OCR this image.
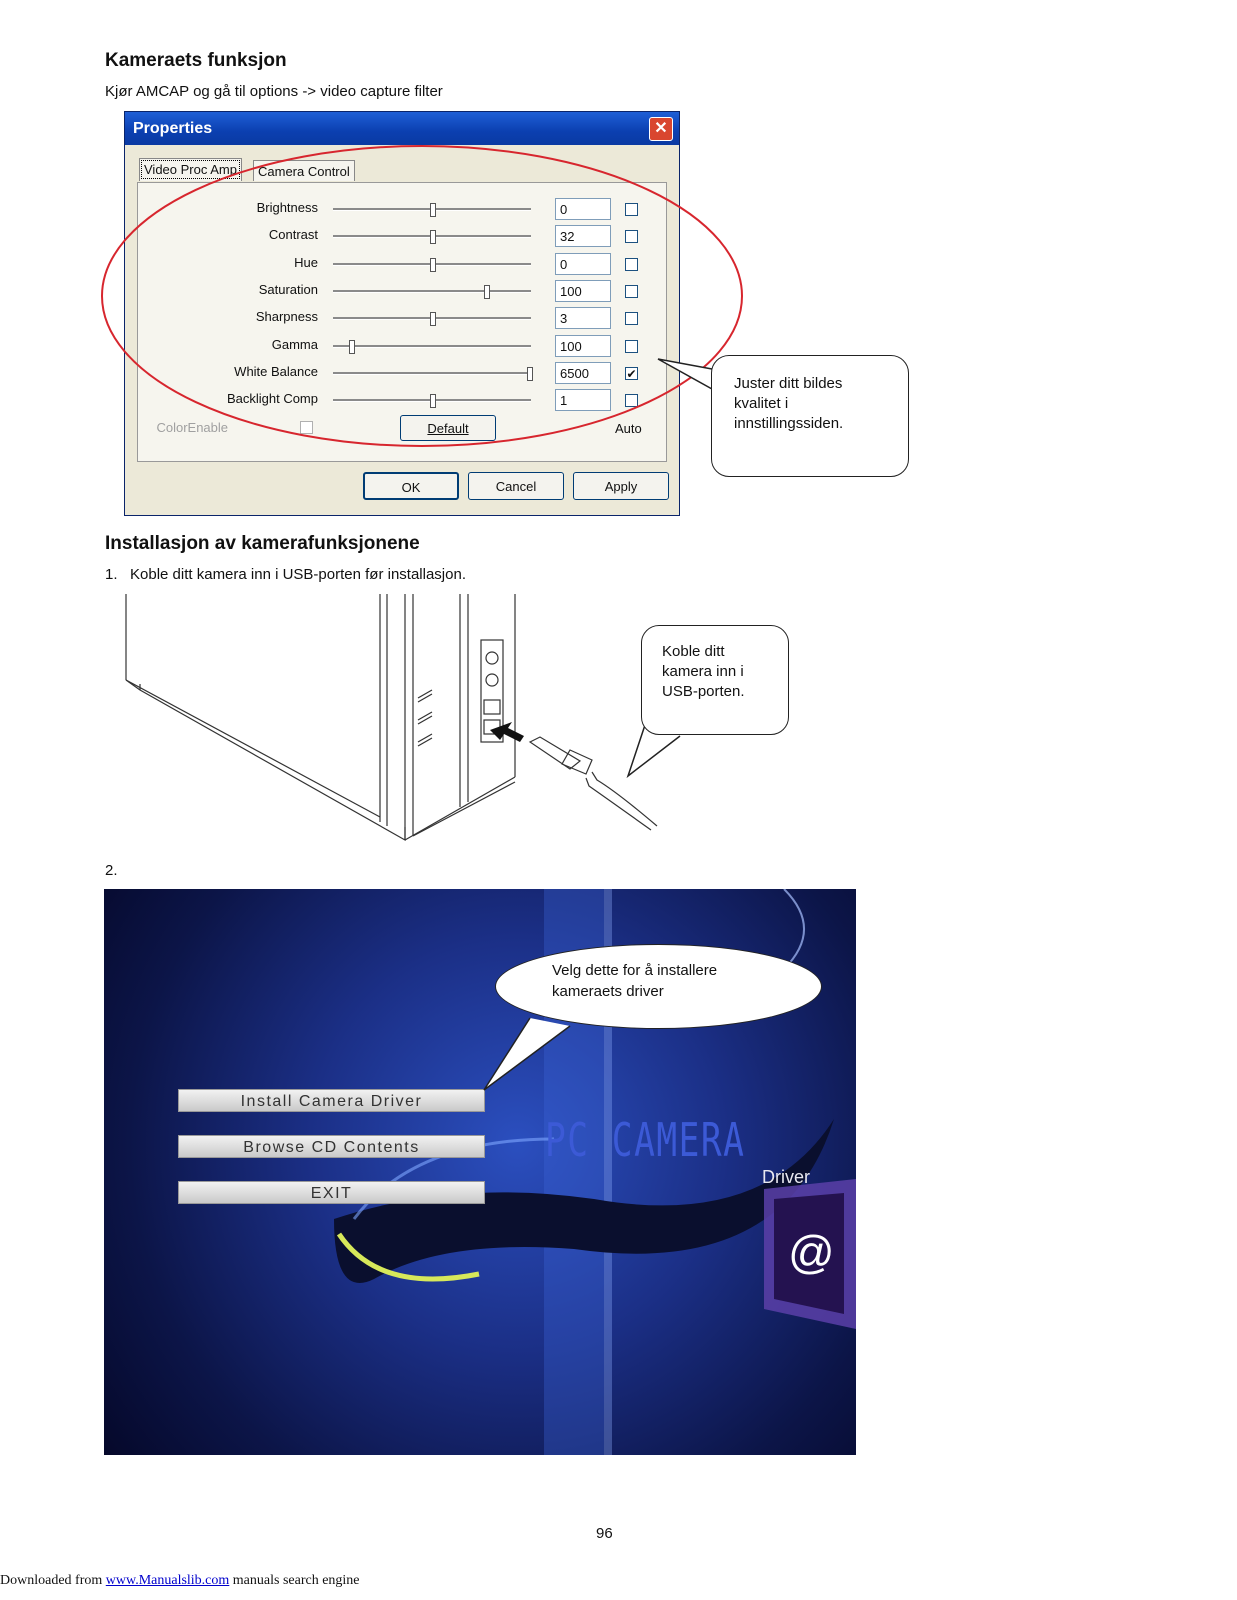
Kameraets funksjon
Kjør AMCAP og gå til options -> video capture filter
Properties	✕
Video Proc Amp	Camera Control
Brightness	0
Contrast	32
Hue	0
Saturation	100
Sharpness	3
Gamma	100
White Balance	6500	✔
Backlight Comp	1
ColorEnable	Default	Auto
OK	Cancel	Apply
Juster ditt bildes kvalitet i innstillingssiden.
Installasjon av kamerafunksjonene
1.   Koble ditt kamera inn i USB-porten før installasjon.
Koble ditt kamera inn i USB-porten.
2.
Install Camera Driver
Browse CD Contents
EXIT
PC CAMERA
Driver
@
Velg dette for å installere kameraets driver
96
Downloaded from www.Manualslib.com manuals search engine
